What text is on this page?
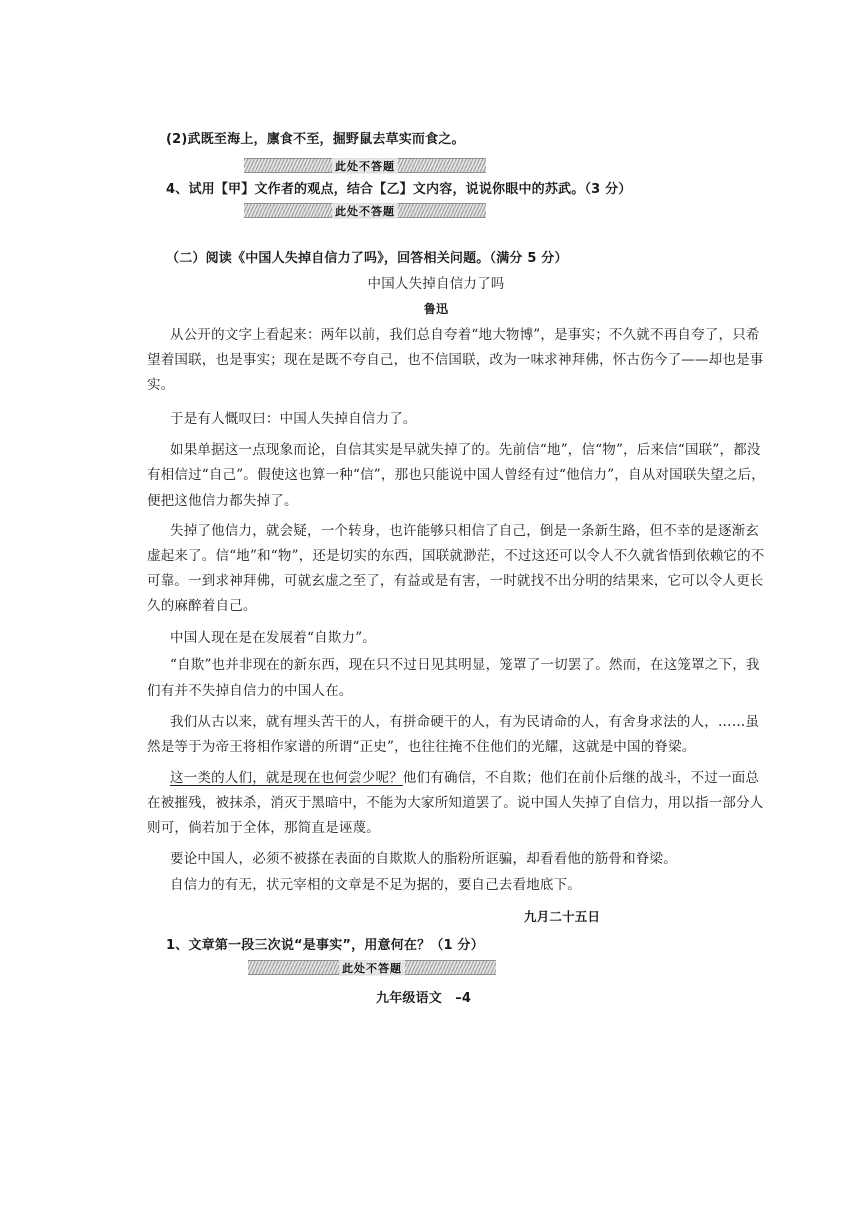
(2)武既至海上，廪食不至，掘野鼠去草实而食之。
此处不答题
4、试用【甲】文作者的观点，结合【乙】文内容，说说你眼中的苏武。（3 分）
此处不答题
（二）阅读《中国人失掉自信力了吗》，回答相关问题。（满分 5 分）
中国人失掉自信力了吗
鲁迅
从公开的文字上看起来：两年以前，我们总自夸着“地大物博”，是事实；不久就不再自夸了，只希
望着国联，也是事实；现在是既不夸自己，也不信国联，改为一味求神拜佛，怀古伤今了——却也是事
实。
于是有人慨叹曰：中国人失掉自信力了。
如果单据这一点现象而论，自信其实是早就失掉了的。先前信“地”，信“物”，后来信“国联”，都没
有相信过“自己”。假使这也算一种“信”，那也只能说中国人曾经有过“他信力”，自从对国联失望之后，
便把这他信力都失掉了。
失掉了他信力，就会疑，一个转身，也许能够只相信了自己，倒是一条新生路，但不幸的是逐渐玄
虚起来了。信“地”和“物”，还是切实的东西，国联就渺茫，不过这还可以令人不久就省悟到依赖它的不
可靠。一到求神拜佛，可就玄虚之至了，有益或是有害，一时就找不出分明的结果来，它可以令人更长
久的麻醉着自己。
中国人现在是在发展着“自欺力”。
“自欺”也并非现在的新东西，现在只不过日见其明显，笼罩了一切罢了。然而，在这笼罩之下，我
们有并不失掉自信力的中国人在。
我们从古以来，就有埋头苦干的人，有拼命硬干的人，有为民请命的人，有舍身求法的人，……虽
然是等于为帝王将相作家谱的所谓“正史”，也往往掩不住他们的光耀，这就是中国的脊梁。
这一类的人们，就是现在也何尝少呢？他们有确信，不自欺；他们在前仆后继的战斗，不过一面总
在被摧残，被抹杀，消灭于黑暗中，不能为大家所知道罢了。说中国人失掉了自信力，用以指一部分人
则可，倘若加于全体，那简直是诬蔑。
要论中国人，必须不被搽在表面的自欺欺人的脂粉所诓骗，却看看他的筋骨和脊梁。
自信力的有无，状元宰相的文章是不足为据的，要自己去看地底下。
九月二十五日
1、文章第一段三次说“是事实”，用意何在？（1 分）
此处不答题
九年级语文　–4
